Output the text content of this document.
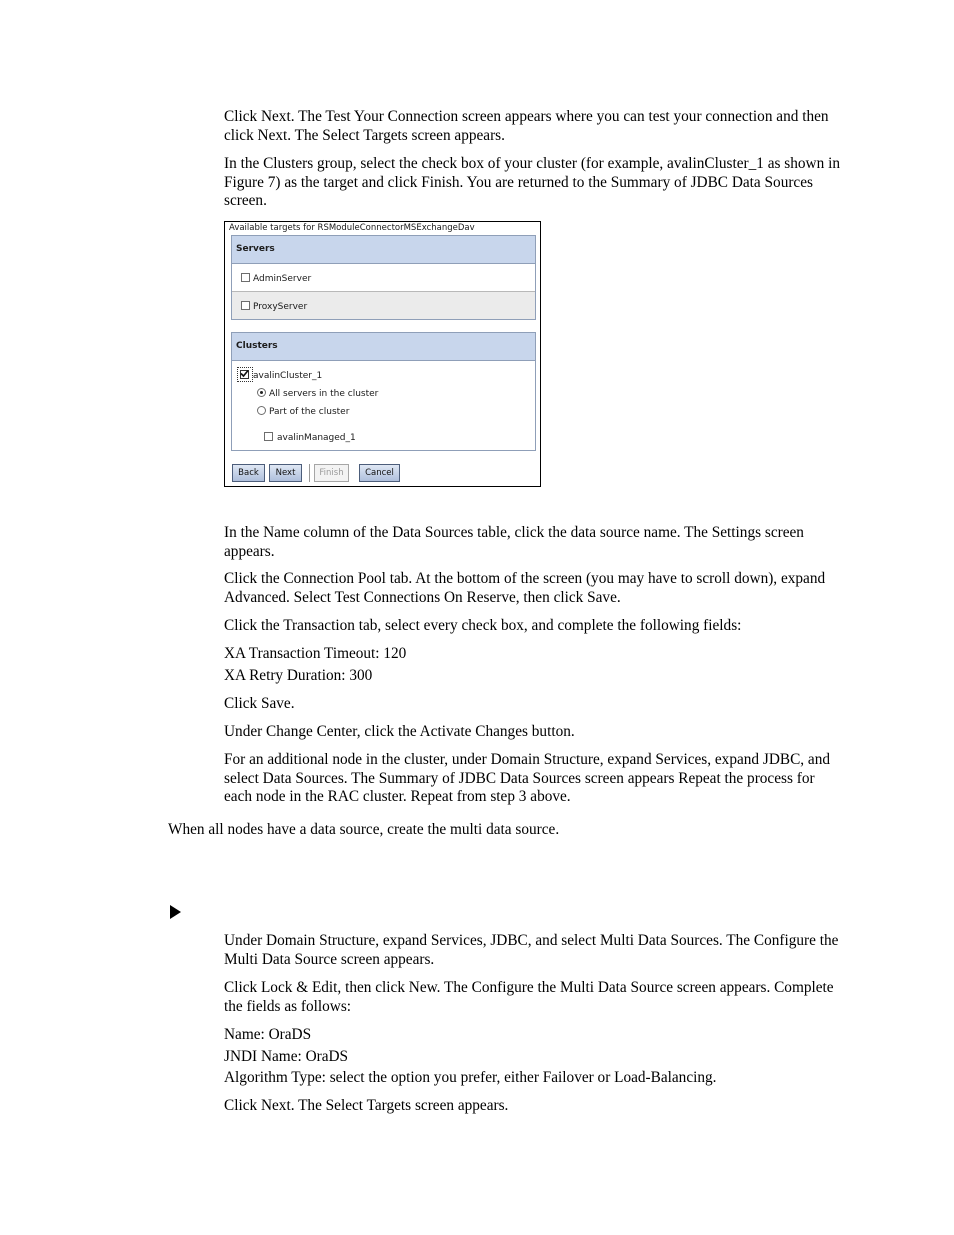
Click Next. The Test Your Connection screen appears where you can test your connection and then click Next. The Select Targets screen appears.

In the Clusters group, select the check box of your cluster (for example, avalinCluster_1 as shown in Figure 7) as the target and click Finish. You are returned to the Summary of JDBC Data Sources screen.

Available targets for RSModuleConnectorMSExchangeDav
Servers
AdminServer
ProxyServer
Clusters
avalinCluster_1
All servers in the cluster
Part of the cluster
avalinManaged_1
Back	Next	Finish	Cancel

In the Name column of the Data Sources table, click the data source name. The Settings screen appears.

Click the Connection Pool tab. At the bottom of the screen (you may have to scroll down), expand Advanced. Select Test Connections On Reserve, then click Save.

Click the Transaction tab, select every check box, and complete the following fields:

XA Transaction Timeout: 120
XA Retry Duration: 300

Click Save.

Under Change Center, click the Activate Changes button.

For an additional node in the cluster, under Domain Structure, expand Services, expand JDBC, and select Data Sources. The Summary of JDBC Data Sources screen appears Repeat the process for each node in the RAC cluster. Repeat from step 3 above.

When all nodes have a data source, create the multi data source.

Under Domain Structure, expand Services, JDBC, and select Multi Data Sources. The Configure the Multi Data Source screen appears.

Click Lock & Edit, then click New. The Configure the Multi Data Source screen appears. Complete the fields as follows:

Name: OraDS
JNDI Name: OraDS
Algorithm Type: select the option you prefer, either Failover or Load-Balancing.

Click Next. The Select Targets screen appears.
